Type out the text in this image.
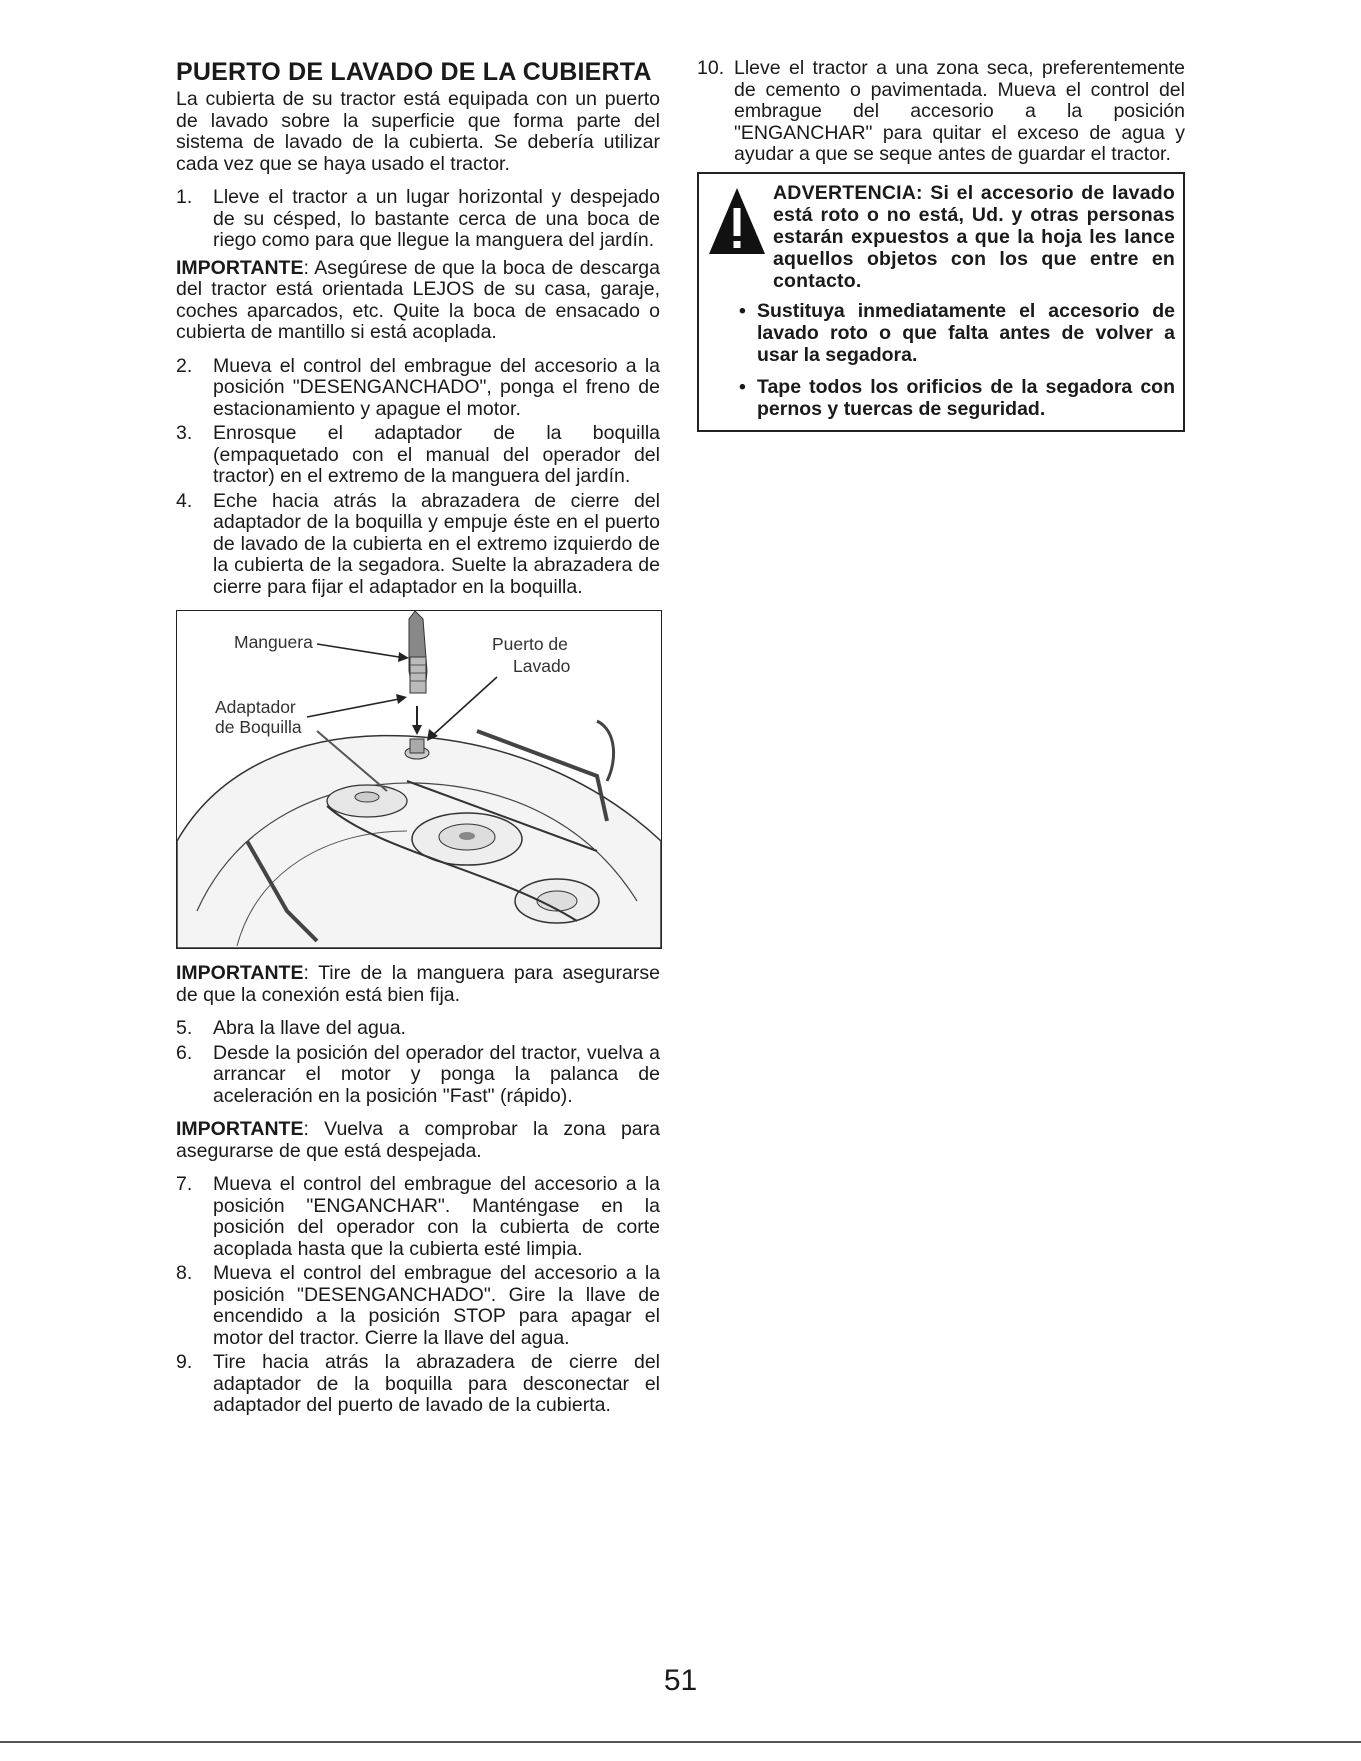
PUERTO DE LAVADO DE LA CUBIERTA

La cubierta de su tractor está equipada con un puerto de lavado sobre la superficie que forma parte del sistema de lavado de la cubierta. Se debería utilizar cada vez que se haya usado el tractor.

1.	Lleve el tractor a un lugar horizontal y despejado de su césped, lo bastante cerca de una boca de riego como para que llegue la manguera del jardín.

IMPORTANTE: Asegúrese de que la boca de descarga del tractor está orientada LEJOS de su casa, garaje, coches aparcados, etc. Quite la boca de ensacado o cubierta de mantillo si está acoplada.

2.	Mueva el control del embrague del accesorio a la posición "DESENGANCHADO", ponga el freno de estacionamiento y apague el motor.
3.	Enrosque el adaptador de la boquilla (empaquetado con el manual del operador del tractor) en el extremo de la manguera del jardín.
4.	Eche hacia atrás la abrazadera de cierre del adaptador de la boquilla y empuje éste en el puerto de lavado de la cubierta en el extremo izquierdo de la cubierta de la segadora. Suelte la abrazadera de cierre para fijar el adaptador en la boquilla.
Manguera	Puerto de
Lavado
Adaptador
de Boquilla

IMPORTANTE: Tire de la manguera para asegurarse de que la conexión está bien fija.

5.	Abra la llave del agua.
6.	Desde la posición del operador del tractor, vuelva a arrancar el motor y ponga la palanca de aceleración en la posición "Fast" (rápido).

IMPORTANTE: Vuelva a comprobar la zona para asegurarse de que está despejada.

7.	Mueva el control del embrague del accesorio a la posición "ENGANCHAR". Manténgase en la posición del operador con la cubierta de corte acoplada hasta que la cubierta esté limpia.
8.	Mueva el control del embrague del accesorio a la posición "DESENGANCHADO". Gire la llave de encendido a la posición STOP para apagar el motor del tractor. Cierre la llave del agua.
9.	Tire hacia atrás la abrazadera de cierre del adaptador de la boquilla para desconectar el adaptador del puerto de lavado de la cubierta.
10. Lleve el tractor a una zona seca, preferentemente de cemento o pavimentada. Mueva el control del embrague del accesorio a la posición "ENGANCHAR" para quitar el exceso de agua y ayudar a que se seque antes de guardar el tractor.
ADVERTENCIA: Si el accesorio de lavado está roto o no está, Ud. y otras personas estarán expuestos a que la hoja les lance aquellos objetos con los que entre en contacto.
• Sustituya inmediatamente el accesorio de lavado roto o que falta antes de volver a usar la segadora.
• Tape todos los orificios de la segadora con pernos y tuercas de seguridad.
51
